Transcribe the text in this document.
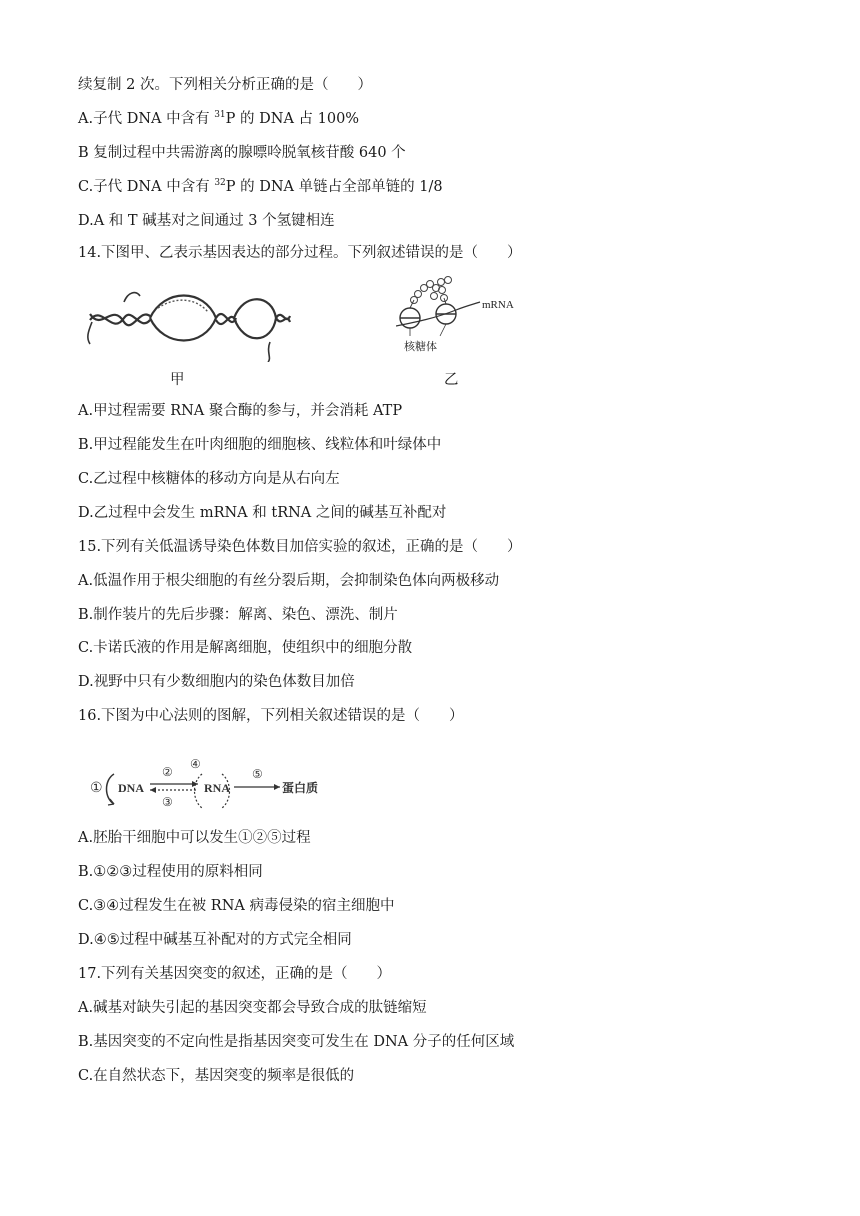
续复制 2 次。下列相关分析正确的是（　　）
A.子代 DNA 中含有 $^{31}$P 的 DNA 占 100%
B 复制过程中共需游离的腺嘌呤脱氧核苷酸 640 个
C.子代 DNA 中含有 $^{32}$P 的 DNA 单链占全部单链的 1/8
D.A 和 T 碱基对之间通过 3 个氢键相连
14.下图甲、乙表示基因表达的部分过程。下列叙述错误的是（　　）
mRNA
核糖体
甲	乙
A.甲过程需要 RNA 聚合酶的参与，并会消耗 ATP
B.甲过程能发生在叶肉细胞的细胞核、线粒体和叶绿体中
C.乙过程中核糖体的移动方向是从右向左
D.乙过程中会发生 mRNA 和 tRNA 之间的碱基互补配对
15.下列有关低温诱导染色体数目加倍实验的叙述，正确的是（　　）
A.低温作用于根尖细胞的有丝分裂后期，会抑制染色体向两极移动
B.制作装片的先后步骤：解离、染色、漂洗、制片
C.卡诺氏液的作用是解离细胞，使组织中的细胞分散
D.视野中只有少数细胞内的染色体数目加倍
16.下图为中心法则的图解，下列相关叙述错误的是（　　）
① DNA
②
③
④
RNA
⑤
蛋白质
A.胚胎干细胞中可以发生①②⑤过程
B.①②③过程使用的原料相同
C.③④过程发生在被 RNA 病毒侵染的宿主细胞中
D.④⑤过程中碱基互补配对的方式完全相同
17.下列有关基因突变的叙述，正确的是（　　）
A.碱基对缺失引起的基因突变都会导致合成的肽链缩短
B.基因突变的不定向性是指基因突变可发生在 DNA 分子的任何区域
C.在自然状态下，基因突变的频率是很低的
